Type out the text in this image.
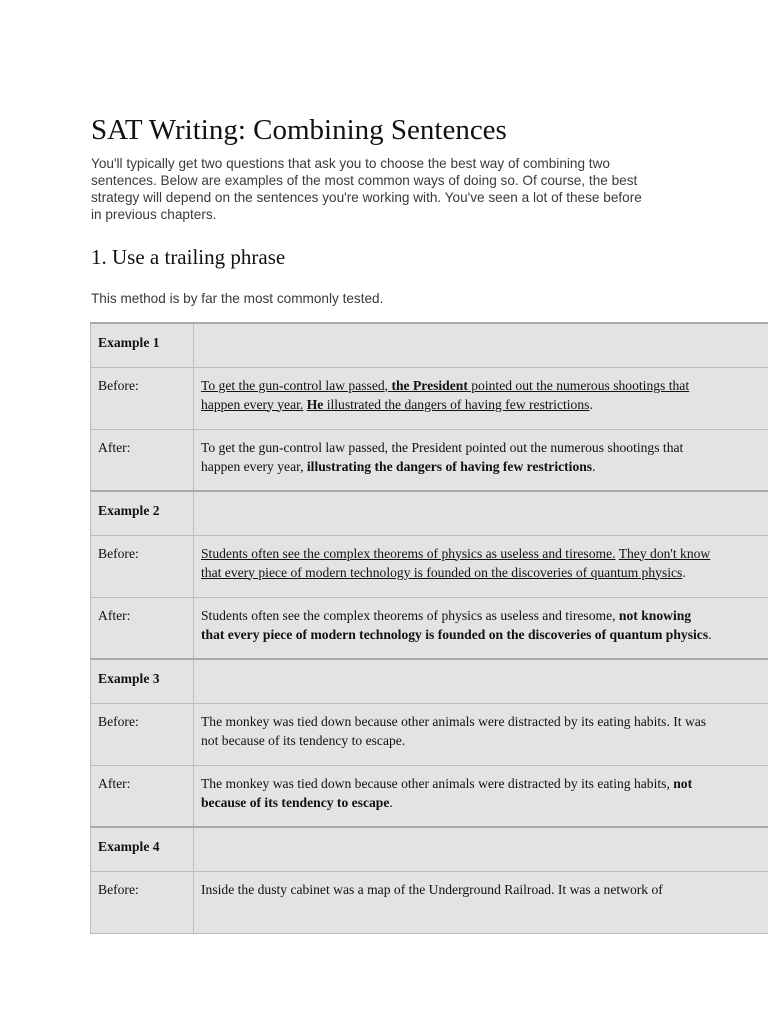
SAT Writing: Combining Sentences

You'll typically get two questions that ask you to choose the best way of combining two
sentences. Below are examples of the most common ways of doing so. Of course, the best
strategy will depend on the sentences you're working with. You've seen a lot of these before
in previous chapters.

1. Use a trailing phrase

This method is by far the most commonly tested.

Example 1	
Before:	To get the gun-control law passed, the President pointed out the numerous shootings that
happen every year. He illustrated the dangers of having few restrictions.

After:	To get the gun-control law passed, the President pointed out the numerous shootings that
happen every year, illustrating the dangers of having few restrictions.

Example 2	
Before:	Students often see the complex theorems of physics as useless and tiresome. They don't know
that every piece of modern technology is founded on the discoveries of quantum physics.

After:	Students often see the complex theorems of physics as useless and tiresome, not knowing
that every piece of modern technology is founded on the discoveries of quantum physics.

Example 3	
Before:	The monkey was tied down because other animals were distracted by its eating habits. It was
not because of its tendency to escape.

After:	The monkey was tied down because other animals were distracted by its eating habits, not
because of its tendency to escape.

Example 4	
Before:	Inside the dusty cabinet was a map of the Underground Railroad. It was a network of
